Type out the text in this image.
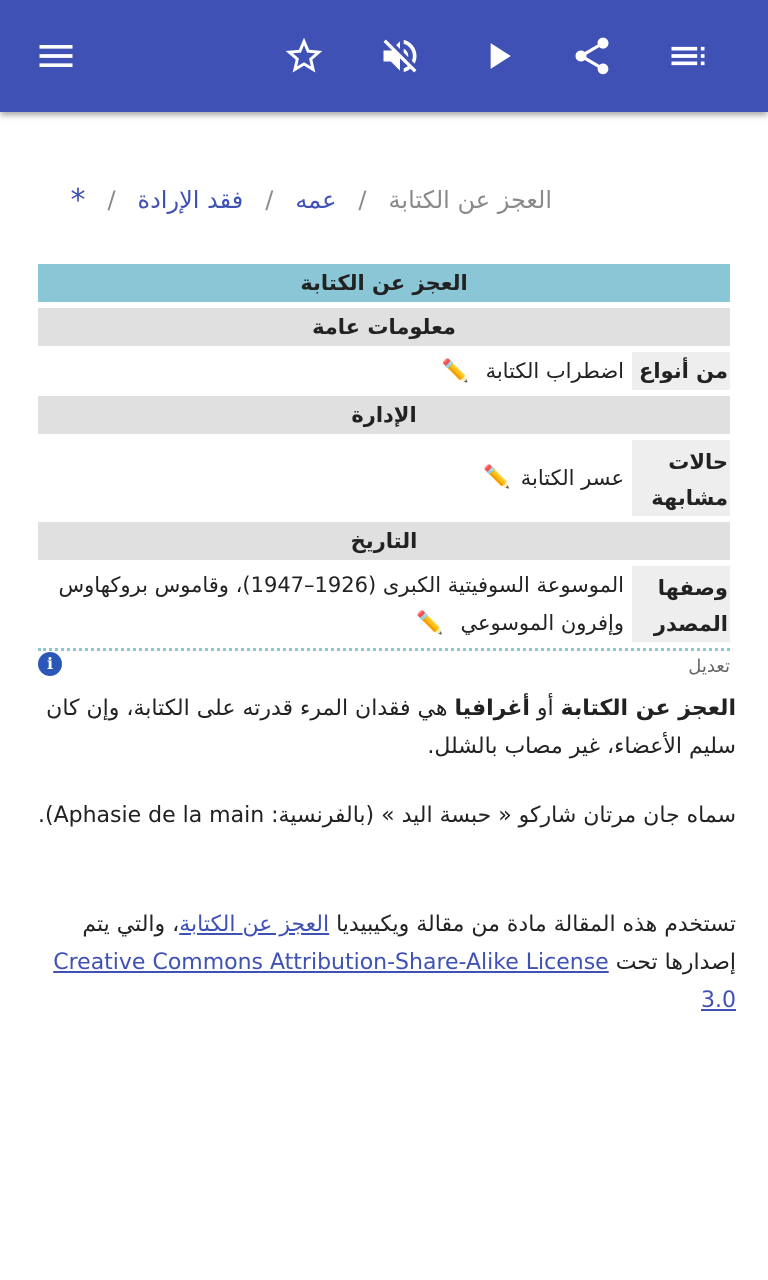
العجز عن الكتابة
/
عمه
/
فقد الإرادة
/
*
العجز عن الكتابة
معلومات عامة
من أنواع
اضطراب الكتابة ✏️
الإدارة
حالات مشابهة
عسر الكتابة
✏️
التاريخ
وصفها المصدر
الموسوعة السوفيتية الكبرى (1926–1947)، وقاموس بروكهاوس وإفرون الموسوعي ✏️
i	تعديل
العجز عن الكتابة أو أغرافيا هي فقدان المرء قدرته على الكتابة، وإن كان سليم الأعضاء، غير مصاب بالشلل.
سماه جان مرتان شاركو « حبسة اليد » (بالفرنسية: Aphasie de la main).
تستخدم هذه المقالة مادة من مقالة ويكيبيديا العجز عن الكتابة، والتي يتم إصدارها تحت Creative Commons Attribution-Share-Alike License 3.0
